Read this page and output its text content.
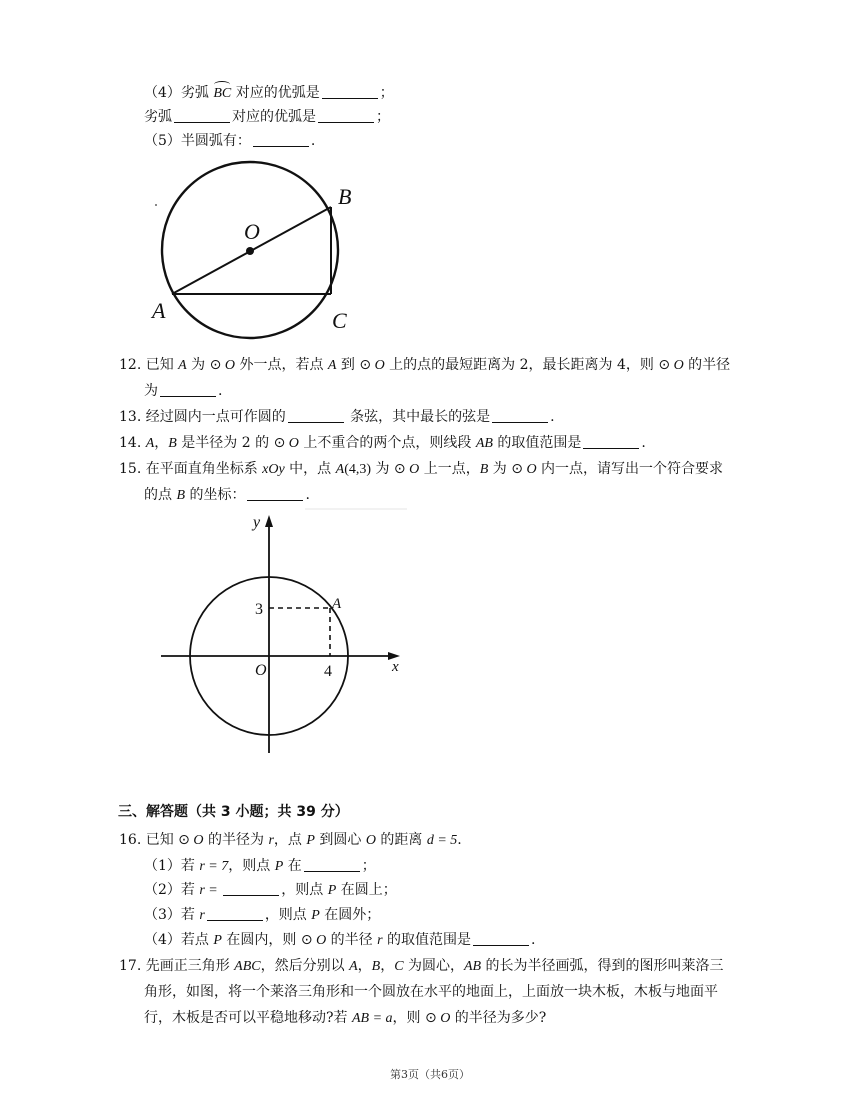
（4）劣弧 BC 对应的优弧是	；
劣弧	对应的优弧是	；
（5）半圆弧有：	.
O
B
A	C
12. 已知 A 为 ⊙ O 外一点，若点 A 到 ⊙ O 上的点的最短距离为 2，最长距离为 4，则 ⊙ O 的半径
为	.
13. 经过圆内一点可作圆的	条弦，其中最长的弦是	.
14. A，B 是半径为 2 的 ⊙ O 上不重合的两个点，则线段 AB 的取值范围是	.
15. 在平面直角坐标系 xOy 中，点 A(4,3) 为 ⊙ O 上一点，B 为 ⊙ O 内一点，请写出一个符合要求
的点 B 的坐标：	.
y
x
O
A
3
4
三、解答题（共 3 小题；共 39 分）
16. 已知 ⊙ O 的半径为 r，点 P 到圆心 O 的距离 d = 5.
（1）若 r = 7，则点 P 在	；
（2）若 r =	，则点 P 在圆上；
（3）若 r	，则点 P 在圆外；
（4）若点 P 在圆内，则 ⊙ O 的半径 r 的取值范围是	.
17. 先画正三角形 ABC，然后分别以 A，B，C 为圆心，AB 的长为半径画弧，得到的图形叫莱洛三
角形，如图，将一个莱洛三角形和一个圆放在水平的地面上，上面放一块木板，木板与地面平
行，木板是否可以平稳地移动?若 AB = a，则 ⊙ O 的半径为多少?
第3页（共6页）
